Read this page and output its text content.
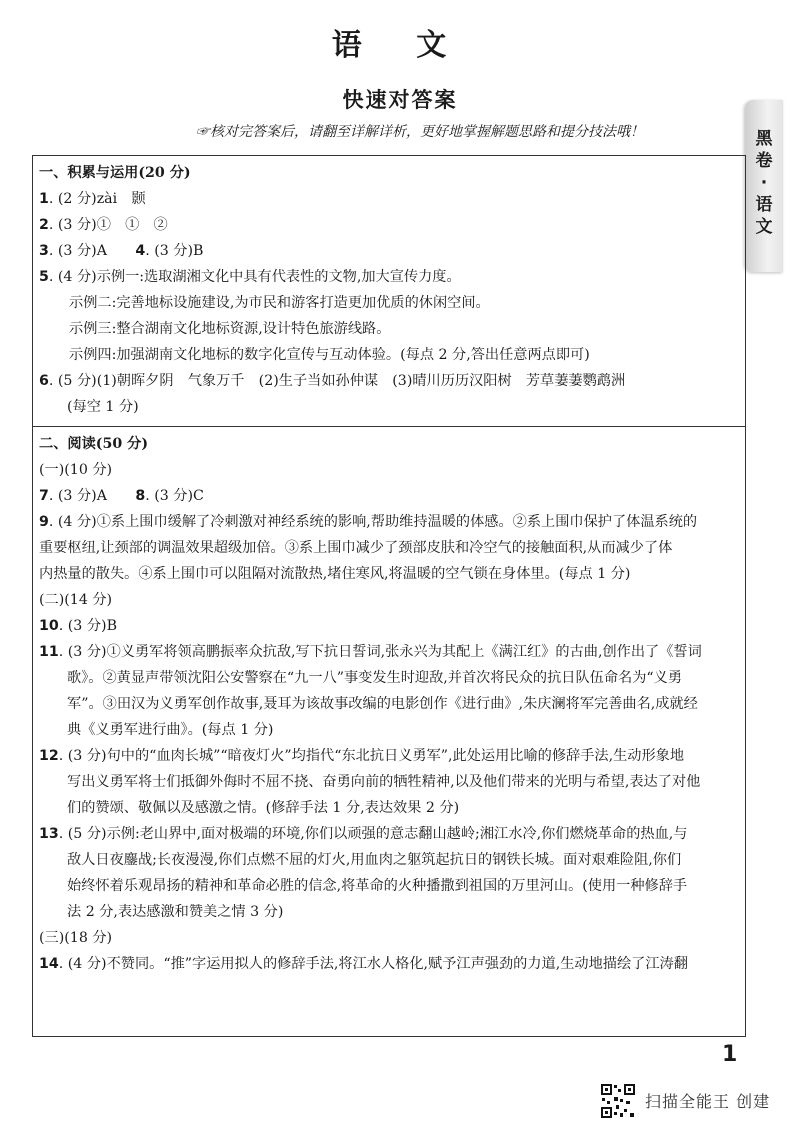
语 文
快速对答案
☞核对完答案后，请翻至详解详析，更好地掌握解题思路和提分技法哦！	黑卷·语文
一、积累与运用(20 分)
1. (2 分)zài　颢
2. (3 分)①　①　②
3. (3 分)A　　4. (3 分)B
5. (4 分)示例一:选取湖湘文化中具有代表性的文物,加大宣传力度。
示例二:完善地标设施建设,为市民和游客打造更加优质的休闲空间。
示例三:整合湖南文化地标资源,设计特色旅游线路。
示例四:加强湖南文化地标的数字化宣传与互动体验。(每点 2 分,答出任意两点即可)
6. (5 分)(1)朝晖夕阴　气象万千　(2)生子当如孙仲谋　(3)晴川历历汉阳树　芳草萋萋鹦鹉洲
(每空 1 分)
二、阅读(50 分)
(一)(10 分)
7. (3 分)A　　8. (3 分)C
9. (4 分)①系上围巾缓解了冷刺激对神经系统的影响,帮助维持温暖的体感。②系上围巾保护了体温系统的
重要枢纽,让颈部的调温效果超级加倍。③系上围巾减少了颈部皮肤和冷空气的接触面积,从而减少了体
内热量的散失。④系上围巾可以阻隔对流散热,堵住寒风,将温暖的空气锁在身体里。(每点 1 分)
(二)(14 分)
10. (3 分)B
11. (3 分)①义勇军将领高鹏振率众抗敌,写下抗日誓词,张永兴为其配上《满江红》的古曲,创作出了《誓词
歌》。②黄显声带领沈阳公安警察在“九一八”事变发生时迎敌,并首次将民众的抗日队伍命名为“义勇
军”。③田汉为义勇军创作故事,聂耳为该故事改编的电影创作《进行曲》,朱庆澜将军完善曲名,成就经
典《义勇军进行曲》。(每点 1 分)
12. (3 分)句中的“血肉长城”“暗夜灯火”均指代“东北抗日义勇军”,此处运用比喻的修辞手法,生动形象地
写出义勇军将士们抵御外侮时不屈不挠、奋勇向前的牺牲精神,以及他们带来的光明与希望,表达了对他
们的赞颂、敬佩以及感激之情。(修辞手法 1 分,表达效果 2 分)
13. (5 分)示例:老山界中,面对极端的环境,你们以顽强的意志翻山越岭;湘江水冷,你们燃烧革命的热血,与
敌人日夜鏖战;长夜漫漫,你们点燃不屈的灯火,用血肉之躯筑起抗日的钢铁长城。面对艰难险阻,你们
始终怀着乐观昂扬的精神和革命必胜的信念,将革命的火种播撒到祖国的万里河山。(使用一种修辞手
法 2 分,表达感激和赞美之情 3 分)
(三)(18 分)
14. (4 分)不赞同。“推”字运用拟人的修辞手法,将江水人格化,赋予江声强劲的力道,生动地描绘了江涛翻
1
扫描全能王 创建
